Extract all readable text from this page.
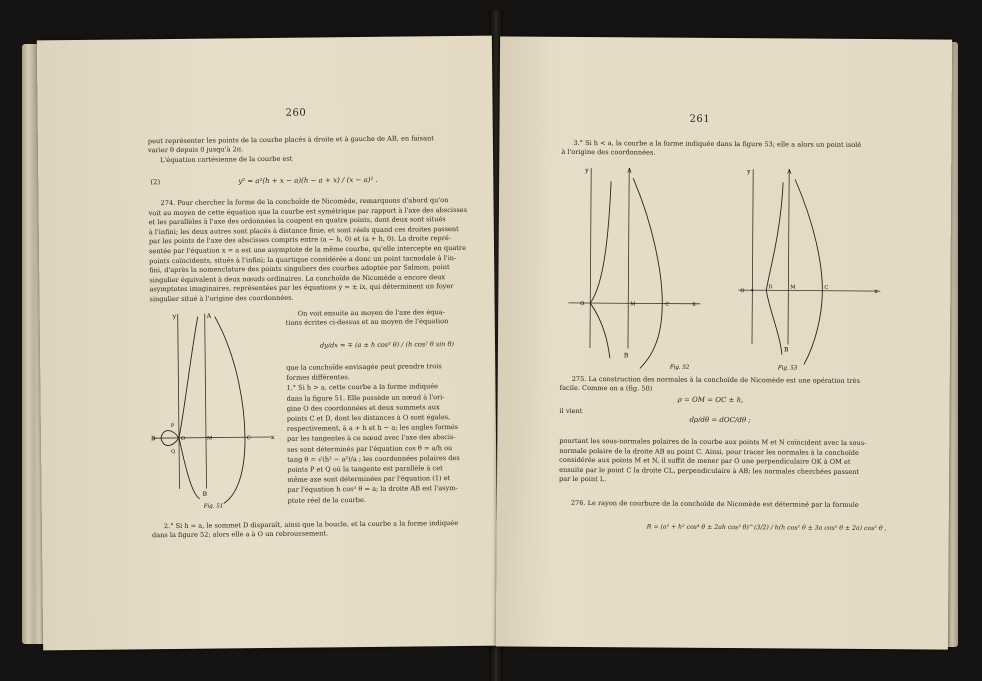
260
peut représenter les points de la courbe placés à droite et à gauche de AB, en faisant
varier θ depuis 0 jusqu'à 2π.
L'équation cartésienne de la courbe est
(2)	y² = a²(h + x − a)(h − a + x) / (x − a)² .
On voit ensuite au moyen de l'axe des équa-
tions écrites ci-dessus et au moyen de l'équation
dy/dx = ∓ (a ± h cos³ θ) / (h cos² θ sin θ)
y	A
B
P
Q
O	M	C	x
B
Fig. 51
2.° Si h = a, le sommet D disparaît, ainsi que la boucle, et la courbe a la forme indiquée
dans la figure 52; alors elle a à O un rebroussement.
274. Pour chercher la forme de la conchoïde de Nicomède, remarquons d'abord qu'on
voit au moyen de cette équation que la courbe est symétrique par rapport à l'axe des abscisses
et les parallèles à l'axe des ordonnées la coupent en quatre points, dont deux sont situés
à l'infini; les deux autres sont placés à distance finie, et sont réels quand ces droites passent
par les points de l'axe des abscisses compris entre (a − h, 0) et (a + h, 0). La droite repré-
sentée par l'équation x = a est une asymptote de la même courbe, qu'elle intercepte en quatre
points coïncidents, situés à l'infini; la quartique considérée a donc un point tacnodale à l'in-
fini, d'après la nomenclature des points singuliers des courbes adoptée par Salmon, point
singulier équivalent à deux nœuds ordinaires. La conchoïde de Nicomède a encore deux
asymptotes imaginaires, représentées par les équations y = ± ix, qui déterminent un foyer
singulier situé à l'origine des coordonnées.
que la conchoïde envisagée peut prendre trois
formes différentes.
1.° Si h > a, cette courbe a la forme indiquée
dans la figure 51. Elle possède un nœud à l'ori-
gine O des coordonnées et deux sommets aux
points C et D, dont les distances à O sont égales,
respectivement, à a + h et h − a; les angles formés
par les tangentes à ce nœud avec l'axe des abscis-
ses sont déterminés par l'équation cos θ = a/h ou
tang θ = √(h² − a²)/a ; les coordonnées polaires des
points P et Q où la tangente est parallèle à cet
même axe sont déterminées par l'équation (1) et
par l'équation h cos³ θ = a; la droite AB est l'asym-
ptote réel de la courbe.
261
3.° Si h < a, la courbe a la forme indiquée dans la figure 53; elle a alors un point isolé
à l'origine des coordonnées.
y	A
O	M	C	x
B
Fig. 52
y	A
O
D	M	C
x
B
Fig. 53
275. La construction des normales à la conchoïde de Nicomède est une opération très
facile. Comme on a (fig. 50)
ρ = OM = OC ± h,
il vient
dρ/dθ = dOC/dθ ;
276. Le rayon de courbure de la conchoïde de Nicomède est déterminé par la formule
R = (a² + h² cos⁴ θ ± 2ah cos³ θ)^(3/2) / h(h cos² θ ± 3a cos² θ ± 2a) cos² θ ,
pourtant les sous-normales polaires de la courbe aux points M et N coïncident avec la sous-
normale polaire de la droite AB au point C. Ainsi, pour tracer les normales à la conchoïde
considérée aux points M et N, il suffit de mener par O une perpendiculaire OK à OM et
ensuite par le point C la droite CL, perpendiculaire à AB; les normales cherchées passent
par le point L.
